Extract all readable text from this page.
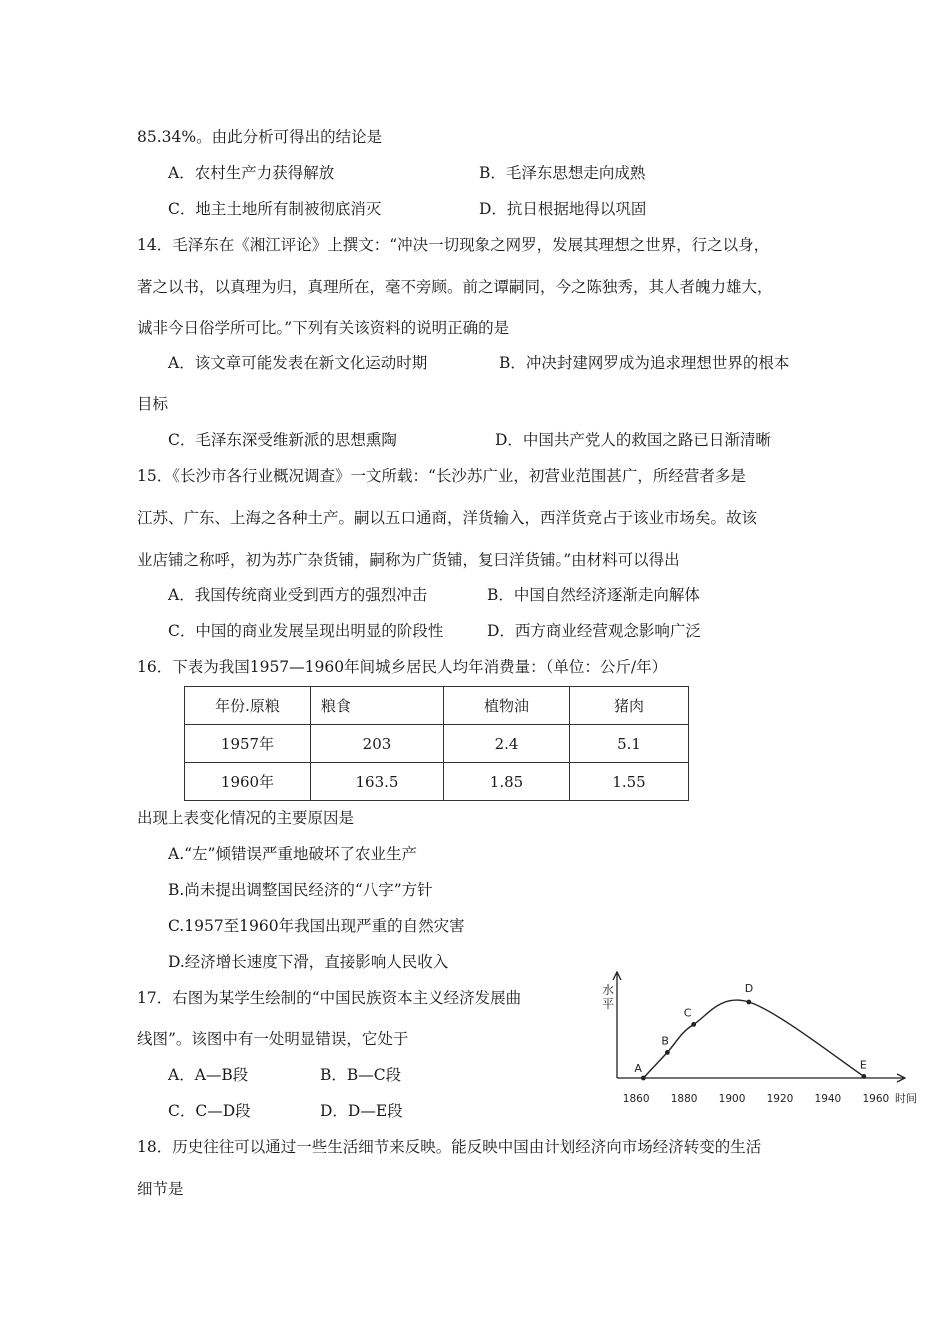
85.34%。由此分析可得出的结论是
A．农村生产力获得解放	B．毛泽东思想走向成熟
C．地主土地所有制被彻底消灭	D．抗日根据地得以巩固
14．毛泽东在《湘江评论》上撰文：“冲决一切现象之网罗，发展其理想之世界，行之以身，
著之以书，以真理为归，真理所在，毫不旁顾。前之谭嗣同，今之陈独秀，其人者魄力雄大，
诚非今日俗学所可比。”下列有关该资料的说明正确的是
A．该文章可能发表在新文化运动时期	B．冲决封建网罗成为追求理想世界的根本
目标
C．毛泽东深受维新派的思想熏陶	D．中国共产党人的救国之路已日渐清晰
15．《长沙市各行业概况调查》一文所载：“长沙苏广业，初营业范围甚广，所经营者多是
江苏、广东、上海之各种土产。嗣以五口通商，洋货输入，西洋货竞占于该业市场矣。故该
业店铺之称呼，初为苏广杂货铺，嗣称为广货铺，复曰洋货铺。”由材料可以得出
A．我国传统商业受到西方的强烈冲击	B．中国自然经济逐渐走向解体
C．中国的商业发展呈现出明显的阶段性	D．西方商业经营观念影响广泛
16．下表为我国1957—1960年间城乡居民人均年消费量：（单位：公斤/年）
年份.原粮	粮食	植物油	猪肉
1957年	203	2.4	5.1
1960年	163.5	1.85	1.55
出现上表变化情况的主要原因是
A.“左”倾错误严重地破坏了农业生产
B.尚未提出调整国民经济的“八字”方针
C.1957至1960年我国出现严重的自然灾害
D.经济增长速度下滑，直接影响人民收入
17．右图为某学生绘制的“中国民族资本主义经济发展曲
线图”。该图中有一处明显错误，它处于
A．A—B段	B．B—C段
C．C—D段	D．D—E段
18．历史往往可以通过一些生活细节来反映。能反映中国由计划经济向市场经济转变的生活
细节是
水
平
1860 1880 1900 1920 1940 1960 时间
A
B
C
D
E
